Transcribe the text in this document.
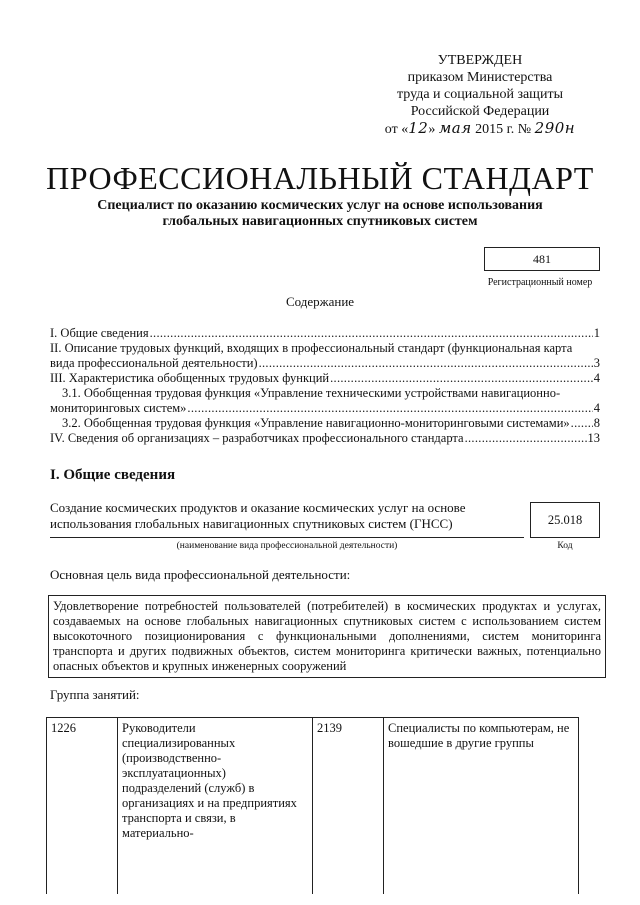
УТВЕРЖДЕН
приказом Министерства
труда и социальной защиты
Российской Федерации
от «12» мая 2015 г. № 290н
ПРОФЕССИОНАЛЬНЫЙ СТАНДАРТ
Специалист по оказанию космических услуг на основе использования
глобальных навигационных спутниковых систем
481
Регистрационный номер
Содержание
I. Общие сведения .....	1
II. Описание трудовых функций, входящих в профессиональный стандарт (функциональная карта
вида профессиональной деятельности) .....	3
III. Характеристика обобщенных трудовых функций .....	4
3.1. Обобщенная трудовая функция «Управление техническими устройствами навигационно-
мониторинговых систем» .....	4
3.2. Обобщенная трудовая функция «Управление навигационно-мониторинговыми системами» ..... 8
IV. Сведения об организациях – разработчиках профессионального стандарта .....	13
I. Общие сведения
Создание космических продуктов и оказание космических услуг на основе
использования глобальных навигационных спутниковых систем (ГНСС)
(наименование вида профессиональной деятельности)
25.018
Код
Основная цель вида профессиональной деятельности:
Удовлетворение потребностей пользователей (потребителей) в космических продуктах и услугах, создаваемых на основе глобальных навигационных спутниковых систем с использованием систем высокоточного позиционирования с функциональными дополнениями, систем мониторинга транспорта и других подвижных объектов, систем мониторинга критически важных, потенциально опасных объектов и крупных инженерных сооружений
Группа занятий:
1226	Руководители специализированных (производственно-эксплуатационных) подразделений (служб) в организациях и на предприятиях транспорта и связи, в материально-	2139	Специалисты по компьютерам, не вошедшие в другие группы
